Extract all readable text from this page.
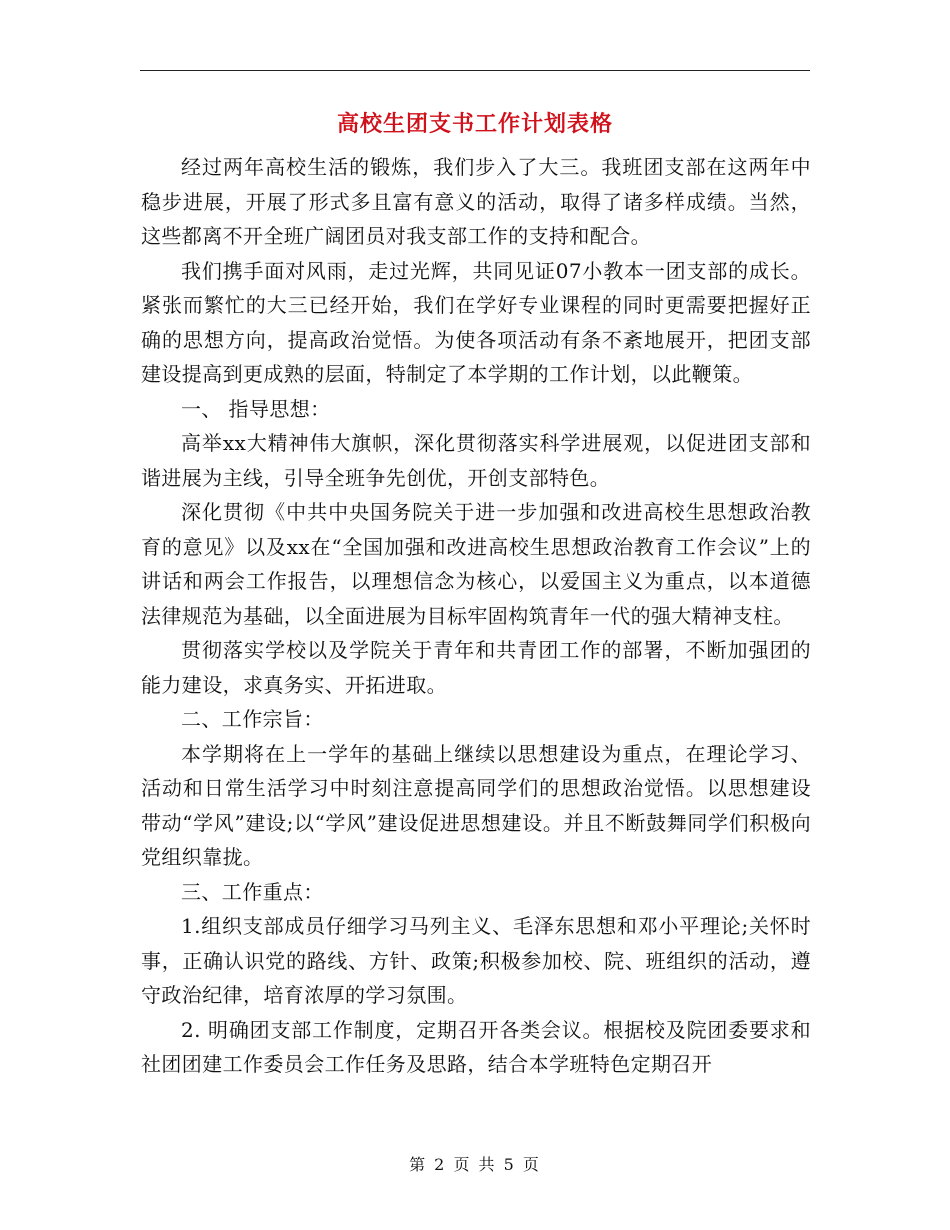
高校生团支书工作计划表格

经过两年高校生活的锻炼，我们步入了大三。我班团支部在这两年中稳步进展，开展了形式多且富有意义的活动，取得了诸多样成绩。当然，这些都离不开全班广阔团员对我支部工作的支持和配合。

我们携手面对风雨，走过光辉，共同见证07小教本一团支部的成长。紧张而繁忙的大三已经开始，我们在学好专业课程的同时更需要把握好正确的思想方向，提高政治觉悟。为使各项活动有条不紊地展开，把团支部建设提高到更成熟的层面，特制定了本学期的工作计划，以此鞭策。

一、 指导思想：

高举xx大精神伟大旗帜，深化贯彻落实科学进展观，以促进团支部和谐进展为主线，引导全班争先创优，开创支部特色。

深化贯彻《中共中央国务院关于进一步加强和改进高校生思想政治教育的意见》以及xx在“全国加强和改进高校生思想政治教育工作会议”上的讲话和两会工作报告，以理想信念为核心，以爱国主义为重点，以本道德法律规范为基础，以全面进展为目标牢固构筑青年一代的强大精神支柱。

贯彻落实学校以及学院关于青年和共青团工作的部署，不断加强团的能力建设，求真务实、开拓进取。

二、工作宗旨：

本学期将在上一学年的基础上继续以思想建设为重点，在理论学习、活动和日常生活学习中时刻注意提高同学们的思想政治觉悟。以思想建设带动“学风”建设;以“学风”建设促进思想建设。并且不断鼓舞同学们积极向党组织靠拢。

三、工作重点：

1.组织支部成员仔细学习马列主义、毛泽东思想和邓小平理论;关怀时事，正确认识党的路线、方针、政策;积极参加校、院、班组织的活动，遵守政治纪律，培育浓厚的学习氛围。

2. 明确团支部工作制度，定期召开各类会议。根据校及院团委要求和社团团建工作委员会工作任务及思路，结合本学班特色定期召开

第 2 页 共 5 页
